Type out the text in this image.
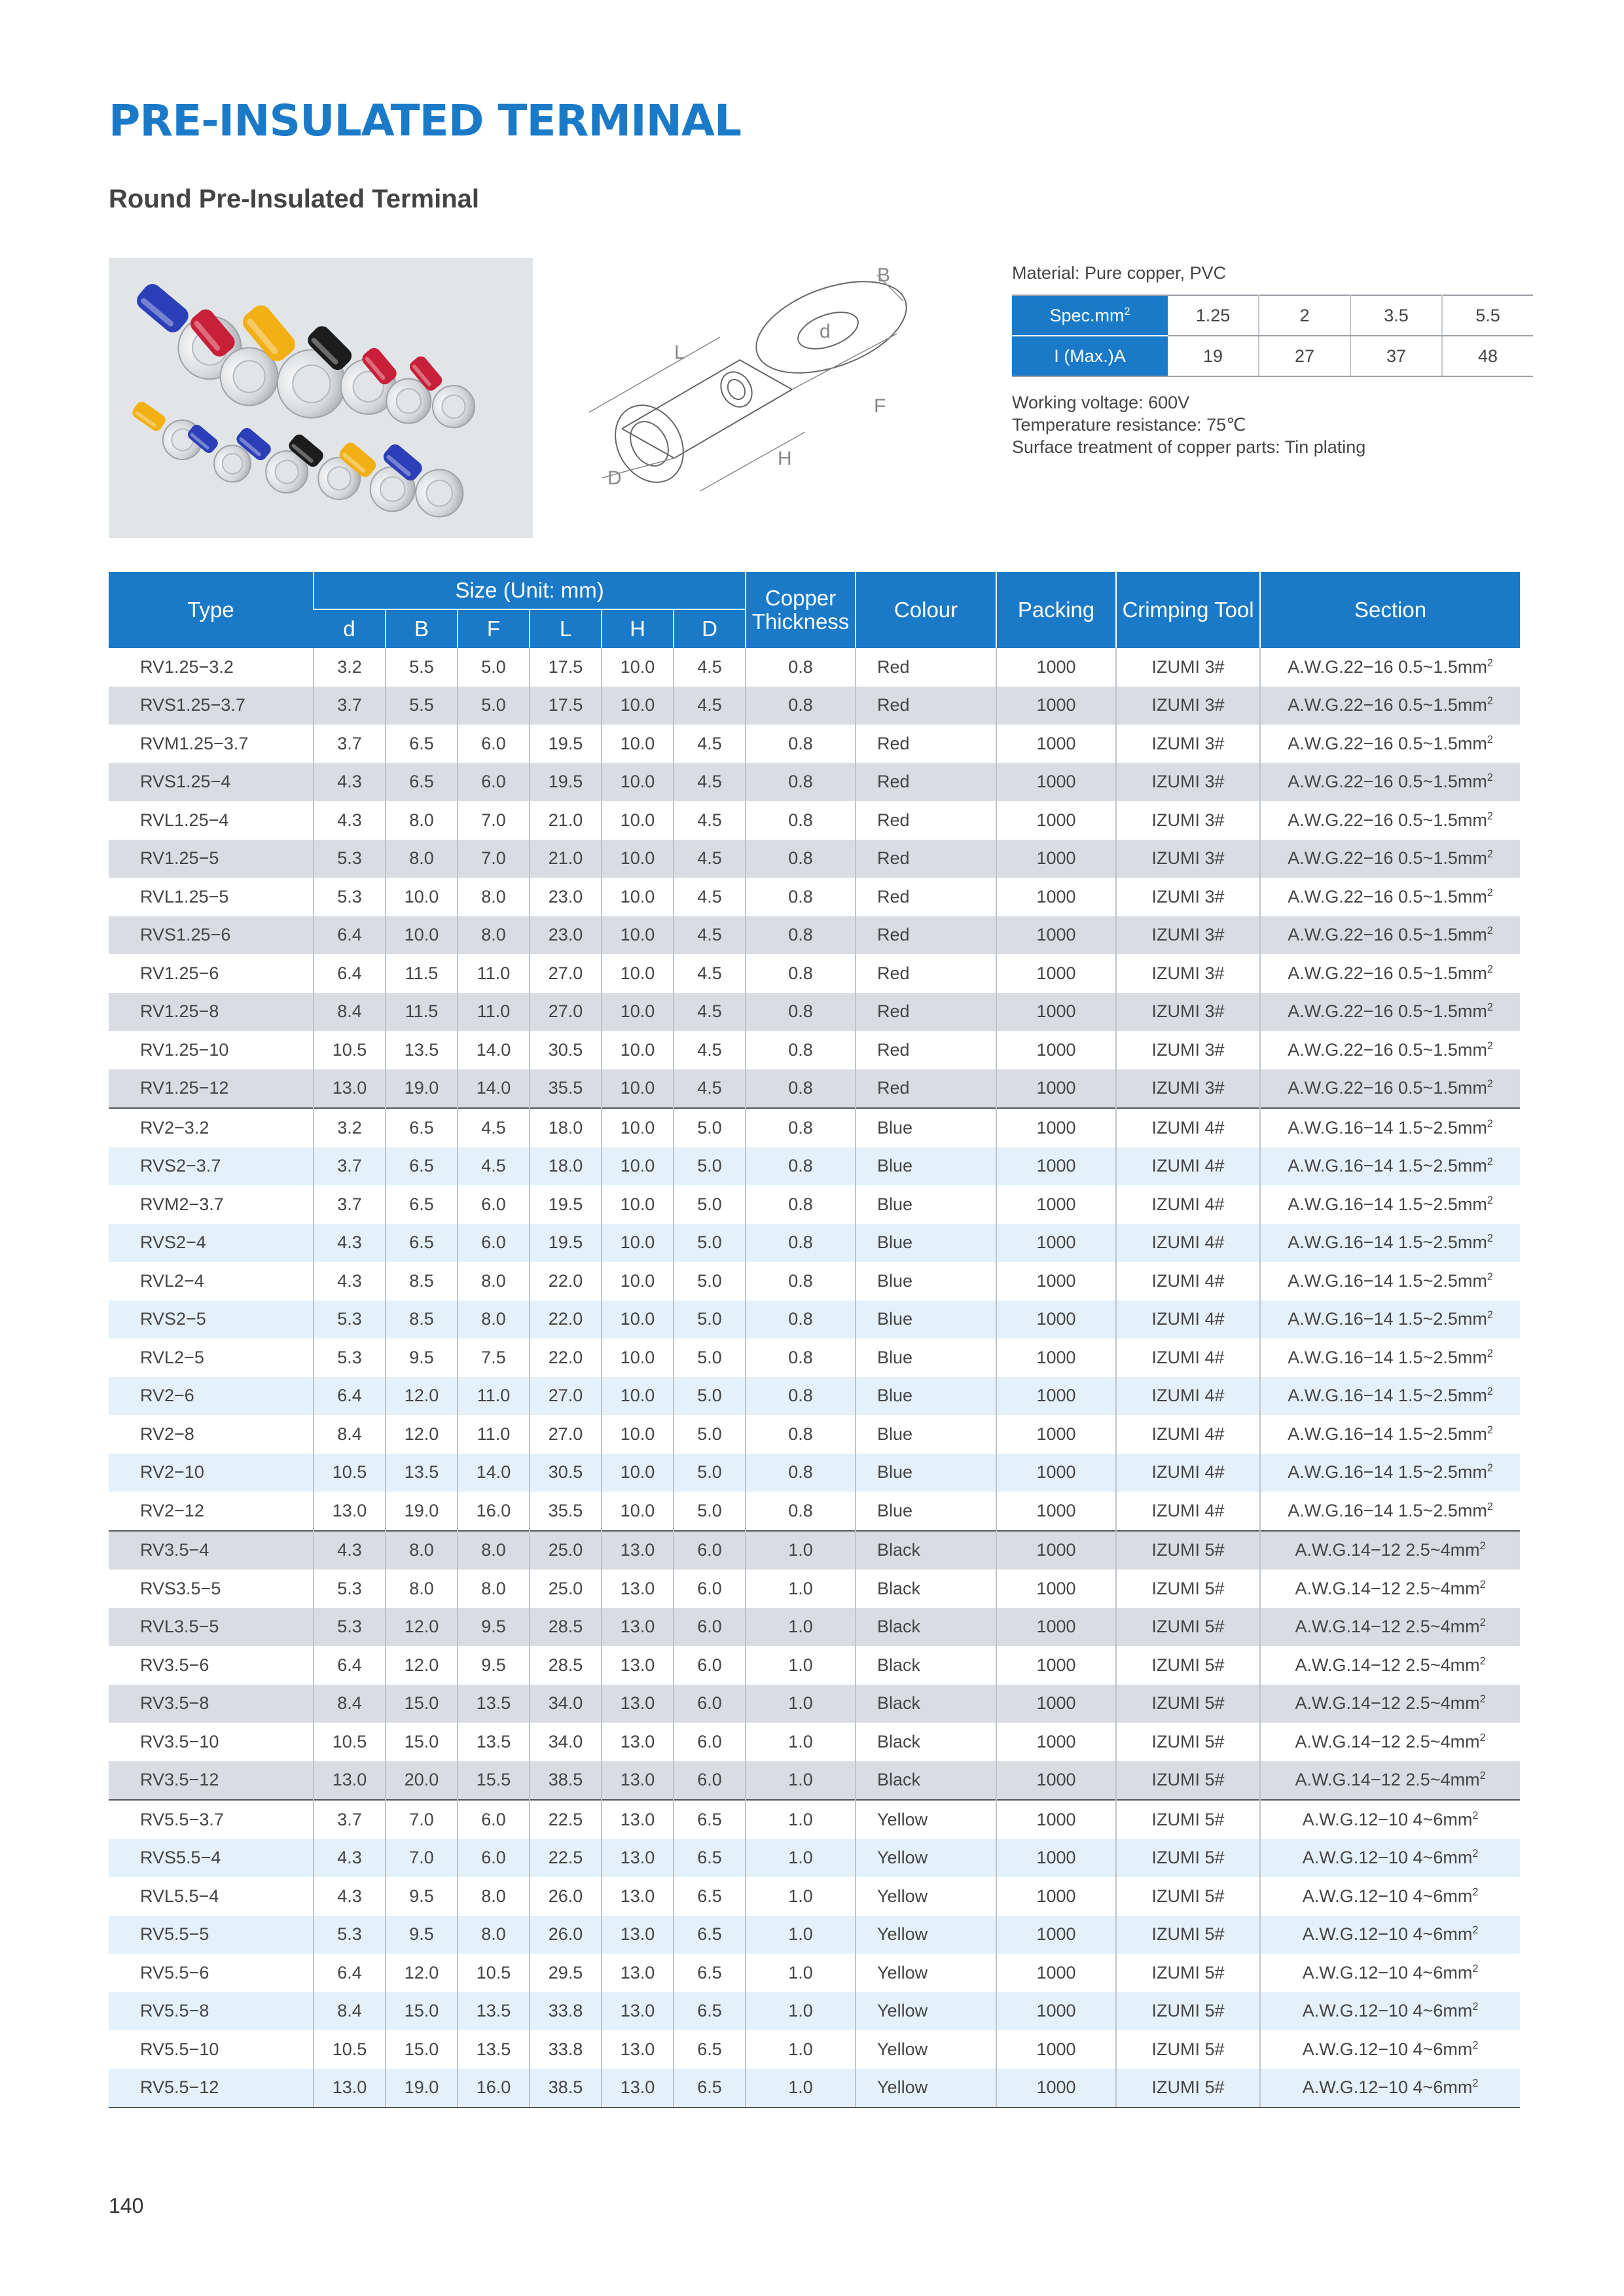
PRE-INSULATED TERMINAL
Round Pre-Insulated Terminal
B
d
L
F
H
D
Material: Pure copper, PVC
$Spec.mm^2$	1.25	2	3.5	5.5
I (Max.)A	19	27	37	48
Working voltage: 600V
Temperature resistance: 75℃
Surface treatment of copper parts: Tin plating
Type	Size (Unit: mm)						Copper Thickness	Colour	Packing	Crimping Tool	Section
	d	B	F	L	H	D					
RV1.25−3.2	3.2	5.5	5.0	17.5	10.0	4.5	0.8	Red	1000	IZUMI 3#	A.W.G.22−16 $0.5\sim 1.5mm^2$
RVS1.25−3.7	3.7	5.5	5.0	17.5	10.0	4.5	0.8	Red	1000	IZUMI 3#	A.W.G.22−16 $0.5\sim 1.5mm^2$
RVM1.25−3.7	3.7	6.5	6.0	19.5	10.0	4.5	0.8	Red	1000	IZUMI 3#	A.W.G.22−16 $0.5\sim 1.5mm^2$
RVS1.25−4	4.3	6.5	6.0	19.5	10.0	4.5	0.8	Red	1000	IZUMI 3#	A.W.G.22−16 $0.5\sim 1.5mm^2$
RVL1.25−4	4.3	8.0	7.0	21.0	10.0	4.5	0.8	Red	1000	IZUMI 3#	A.W.G.22−16 $0.5\sim 1.5mm^2$
RV1.25−5	5.3	8.0	7.0	21.0	10.0	4.5	0.8	Red	1000	IZUMI 3#	A.W.G.22−16 $0.5\sim 1.5mm^2$
RVL1.25−5	5.3	10.0	8.0	23.0	10.0	4.5	0.8	Red	1000	IZUMI 3#	A.W.G.22−16 $0.5\sim 1.5mm^2$
RVS1.25−6	6.4	10.0	8.0	23.0	10.0	4.5	0.8	Red	1000	IZUMI 3#	A.W.G.22−16 $0.5\sim 1.5mm^2$
RV1.25−6	6.4	11.5	11.0	27.0	10.0	4.5	0.8	Red	1000	IZUMI 3#	A.W.G.22−16 $0.5\sim 1.5mm^2$
RV1.25−8	8.4	11.5	11.0	27.0	10.0	4.5	0.8	Red	1000	IZUMI 3#	A.W.G.22−16 $0.5\sim 1.5mm^2$
RV1.25−10	10.5	13.5	14.0	30.5	10.0	4.5	0.8	Red	1000	IZUMI 3#	A.W.G.22−16 $0.5\sim 1.5mm^2$
RV1.25−12	13.0	19.0	14.0	35.5	10.0	4.5	0.8	Red	1000	IZUMI 3#	A.W.G.22−16 $0.5\sim 1.5mm^2$
RV2−3.2	3.2	6.5	4.5	18.0	10.0	5.0	0.8	Blue	1000	IZUMI 4#	A.W.G.16−14 $1.5\sim 2.5mm^2$
RVS2−3.7	3.7	6.5	4.5	18.0	10.0	5.0	0.8	Blue	1000	IZUMI 4#	A.W.G.16−14 $1.5\sim 2.5mm^2$
RVM2−3.7	3.7	6.5	6.0	19.5	10.0	5.0	0.8	Blue	1000	IZUMI 4#	A.W.G.16−14 $1.5\sim 2.5mm^2$
RVS2−4	4.3	6.5	6.0	19.5	10.0	5.0	0.8	Blue	1000	IZUMI 4#	A.W.G.16−14 $1.5\sim 2.5mm^2$
RVL2−4	4.3	8.5	8.0	22.0	10.0	5.0	0.8	Blue	1000	IZUMI 4#	A.W.G.16−14 $1.5\sim 2.5mm^2$
RVS2−5	5.3	8.5	8.0	22.0	10.0	5.0	0.8	Blue	1000	IZUMI 4#	A.W.G.16−14 $1.5\sim 2.5mm^2$
RVL2−5	5.3	9.5	7.5	22.0	10.0	5.0	0.8	Blue	1000	IZUMI 4#	A.W.G.16−14 $1.5\sim 2.5mm^2$
RV2−6	6.4	12.0	11.0	27.0	10.0	5.0	0.8	Blue	1000	IZUMI 4#	A.W.G.16−14 $1.5\sim 2.5mm^2$
RV2−8	8.4	12.0	11.0	27.0	10.0	5.0	0.8	Blue	1000	IZUMI 4#	A.W.G.16−14 $1.5\sim 2.5mm^2$
RV2−10	10.5	13.5	14.0	30.5	10.0	5.0	0.8	Blue	1000	IZUMI 4#	A.W.G.16−14 $1.5\sim 2.5mm^2$
RV2−12	13.0	19.0	16.0	35.5	10.0	5.0	0.8	Blue	1000	IZUMI 4#	A.W.G.16−14 $1.5\sim 2.5mm^2$
RV3.5−4	4.3	8.0	8.0	25.0	13.0	6.0	1.0	Black	1000	IZUMI 5#	A.W.G.14−12 $2.5\sim 4mm^2$
RVS3.5−5	5.3	8.0	8.0	25.0	13.0	6.0	1.0	Black	1000	IZUMI 5#	A.W.G.14−12 $2.5\sim 4mm^2$
RVL3.5−5	5.3	12.0	9.5	28.5	13.0	6.0	1.0	Black	1000	IZUMI 5#	A.W.G.14−12 $2.5\sim 4mm^2$
RV3.5−6	6.4	12.0	9.5	28.5	13.0	6.0	1.0	Black	1000	IZUMI 5#	A.W.G.14−12 $2.5\sim 4mm^2$
RV3.5−8	8.4	15.0	13.5	34.0	13.0	6.0	1.0	Black	1000	IZUMI 5#	A.W.G.14−12 $2.5\sim 4mm^2$
RV3.5−10	10.5	15.0	13.5	34.0	13.0	6.0	1.0	Black	1000	IZUMI 5#	A.W.G.14−12 $2.5\sim 4mm^2$
RV3.5−12	13.0	20.0	15.5	38.5	13.0	6.0	1.0	Black	1000	IZUMI 5#	A.W.G.14−12 $2.5\sim 4mm^2$
RV5.5−3.7	3.7	7.0	6.0	22.5	13.0	6.5	1.0	Yellow	1000	IZUMI 5#	A.W.G.12−10 $4\sim 6mm^2$
RVS5.5−4	4.3	7.0	6.0	22.5	13.0	6.5	1.0	Yellow	1000	IZUMI 5#	A.W.G.12−10 $4\sim 6mm^2$
RVL5.5−4	4.3	9.5	8.0	26.0	13.0	6.5	1.0	Yellow	1000	IZUMI 5#	A.W.G.12−10 $4\sim 6mm^2$
RV5.5−5	5.3	9.5	8.0	26.0	13.0	6.5	1.0	Yellow	1000	IZUMI 5#	A.W.G.12−10 $4\sim 6mm^2$
RV5.5−6	6.4	12.0	10.5	29.5	13.0	6.5	1.0	Yellow	1000	IZUMI 5#	A.W.G.12−10 $4\sim 6mm^2$
RV5.5−8	8.4	15.0	13.5	33.8	13.0	6.5	1.0	Yellow	1000	IZUMI 5#	A.W.G.12−10 $4\sim 6mm^2$
RV5.5−10	10.5	15.0	13.5	33.8	13.0	6.5	1.0	Yellow	1000	IZUMI 5#	A.W.G.12−10 $4\sim 6mm^2$
RV5.5−12	13.0	19.0	16.0	38.5	13.0	6.5	1.0	Yellow	1000	IZUMI 5#	A.W.G.12−10 $4\sim 6mm^2$
140
